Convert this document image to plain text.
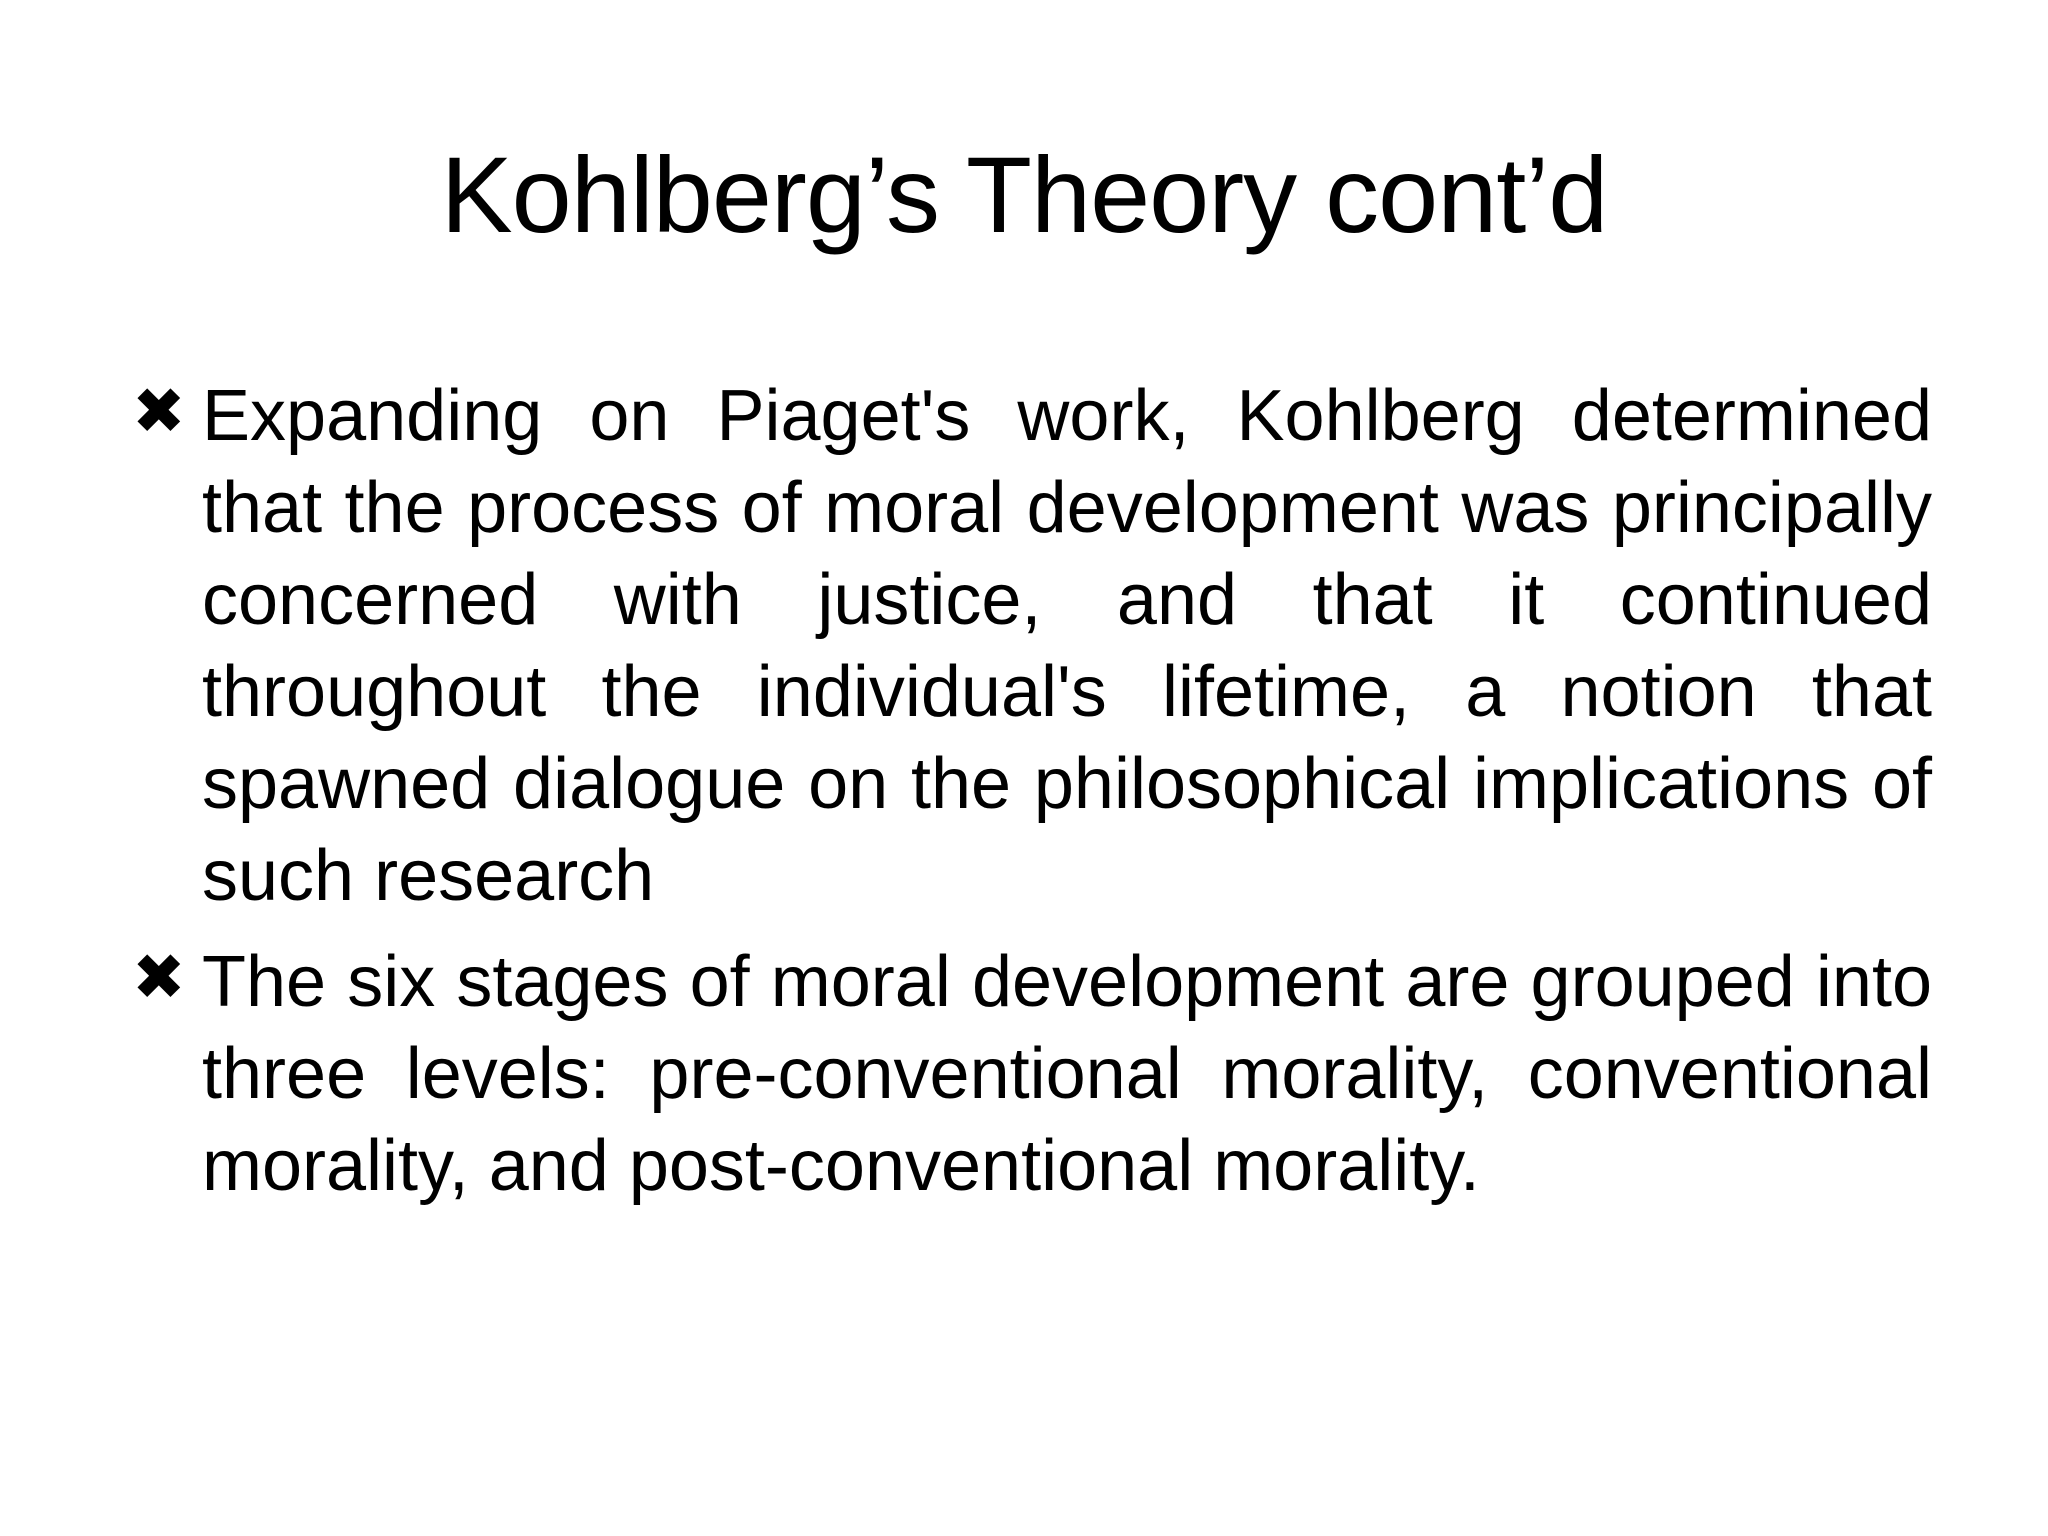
Kohlberg’s Theory cont’d
✖ Expanding on Piaget's work, Kohlberg determined that the process of moral development was principally concerned with justice, and that it continued throughout the individual's lifetime, a notion that spawned dialogue on the philosophical implications of such research
✖ The six stages of moral development are grouped into three levels: pre-conventional morality, conventional morality, and post-conventional morality.
